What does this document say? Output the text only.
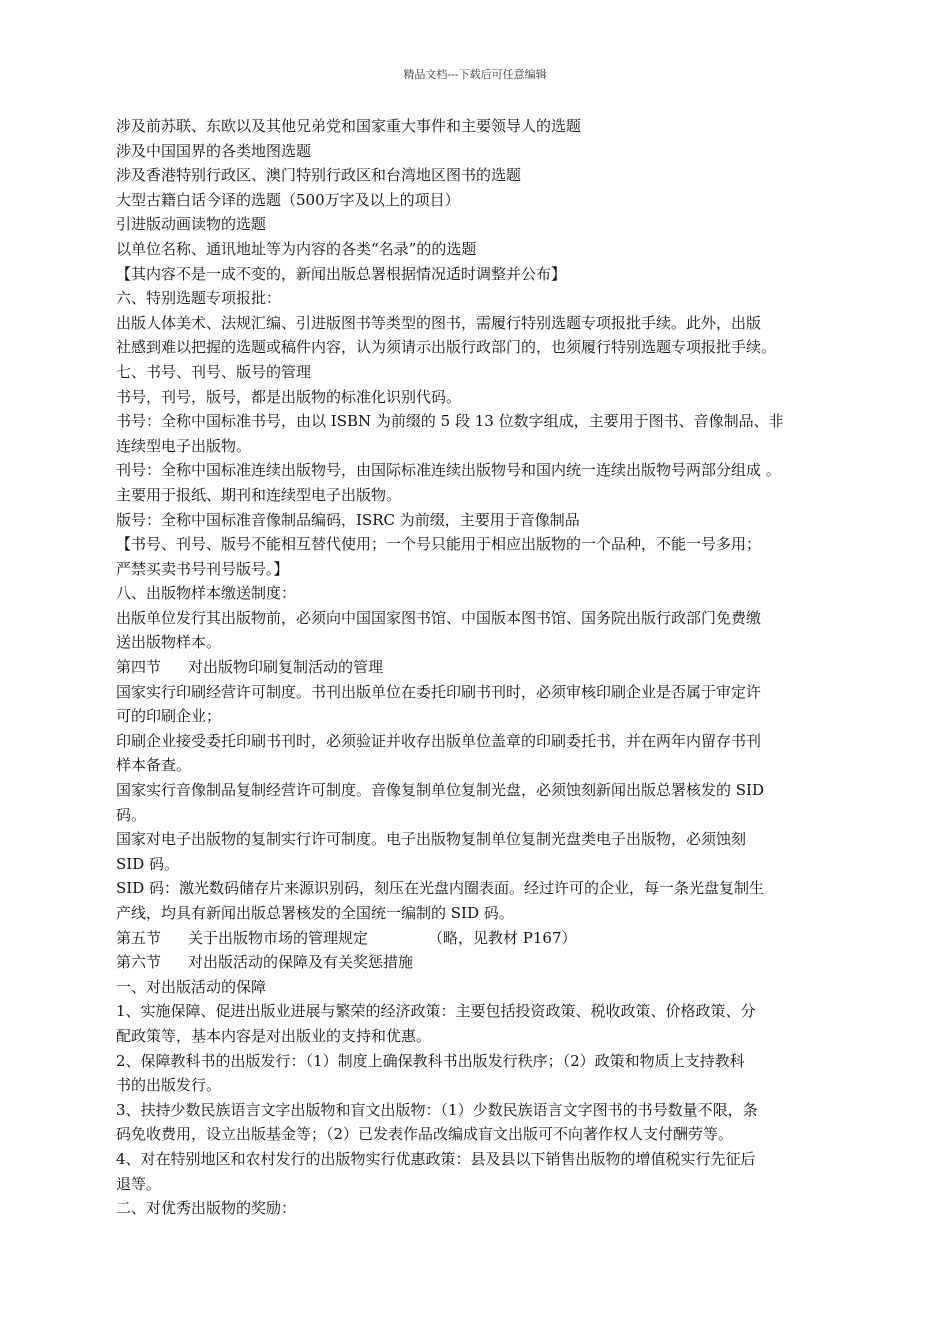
精品文档---下载后可任意编辑
涉及前苏联、东欧以及其他兄弟党和国家重大事件和主要领导人的选题
涉及中国国界的各类地图选题
涉及香港特别行政区、澳门特别行政区和台湾地区图书的选题
大型古籍白话今译的选题（500万字及以上的项目）
引进版动画读物的选题
以单位名称、通讯地址等为内容的各类“名录”的的选题
【其内容不是一成不变的，新闻出版总署根据情况适时调整并公布】
六、特别选题专项报批：
出版人体美术、法规汇编、引进版图书等类型的图书，需履行特别选题专项报批手续。此外，出版
社感到难以把握的选题或稿件内容，认为须请示出版行政部门的，也须履行特别选题专项报批手续。
七、书号、刊号、版号的管理
书号，刊号，版号，都是出版物的标准化识别代码。
书号：全称中国标准书号，由以 ISBN 为前缀的 5 段 13 位数字组成，主要用于图书、音像制品、非
连续型电子出版物。
刊号：全称中国标准连续出版物号，由国际标准连续出版物号和国内统一连续出版物号两部分组成 。
主要用于报纸、期刊和连续型电子出版物。
版号：全称中国标准音像制品编码，ISRC 为前缀，主要用于音像制品
【书号、刊号、版号不能相互替代使用；一个号只能用于相应出版物的一个品种，不能一号多用；
严禁买卖书号刊号版号。】
八、出版物样本缴送制度：
出版单位发行其出版物前，必须向中国国家图书馆、中国版本图书馆、国务院出版行政部门免费缴
送出版物样本。
第四节 对出版物印刷复制活动的管理
国家实行印刷经营许可制度。书刊出版单位在委托印刷书刊时，必须审核印刷企业是否属于审定许
可的印刷企业；
印刷企业接受委托印刷书刊时，必须验证并收存出版单位盖章的印刷委托书，并在两年内留存书刊
样本备查。
国家实行音像制品复制经营许可制度。音像复制单位复制光盘，必须蚀刻新闻出版总署核发的 SID
码。
国家对电子出版物的复制实行许可制度。电子出版物复制单位复制光盘类电子出版物，必须蚀刻
SID 码。
SID 码：激光数码储存片来源识别码，刻压在光盘内圈表面。经过许可的企业，每一条光盘复制生
产线，均具有新闻出版总署核发的全国统一编制的 SID 码。
第五节 关于出版物市场的管理规定	（略，见教材 P167）
第六节 对出版活动的保障及有关奖惩措施
一、对出版活动的保障
1、实施保障、促进出版业进展与繁荣的经济政策：主要包括投资政策、税收政策、价格政策、分
配政策等，基本内容是对出版业的支持和优惠。
2、保障教科书的出版发行：（1）制度上确保教科书出版发行秩序；（2）政策和物质上支持教科
书的出版发行。
3、扶持少数民族语言文字出版物和盲文出版物：（1）少数民族语言文字图书的书号数量不限，条
码免收费用，设立出版基金等；（2）已发表作品改编成盲文出版可不向著作权人支付酬劳等。
4、对在特别地区和农村发行的出版物实行优惠政策：县及县以下销售出版物的增值税实行先征后
退等。
二、对优秀出版物的奖励：
